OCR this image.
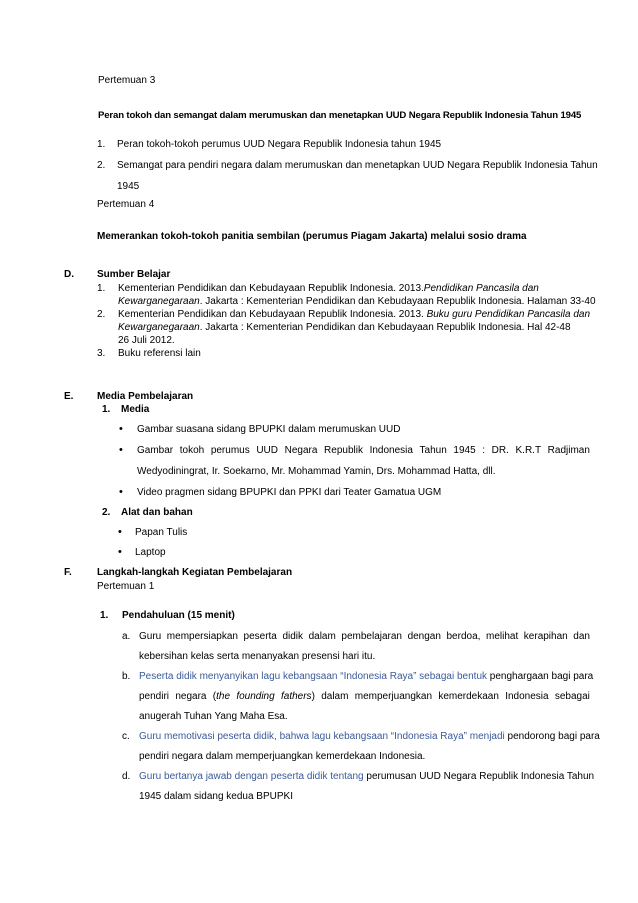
Pertemuan 3
Peran tokoh dan semangat dalam merumuskan dan menetapkan UUD Negara Republik Indonesia Tahun 1945
1. Peran tokoh-tokoh perumus UUD Negara Republik Indonesia tahun 1945
2. Semangat para pendiri negara dalam merumuskan dan menetapkan UUD Negara Republik Indonesia Tahun
1945
Pertemuan 4
Memerankan tokoh-tokoh panitia sembilan (perumus Piagam Jakarta) melalui sosio drama
D. Sumber Belajar
1. Kementerian Pendidikan dan Kebudayaan Republik Indonesia. 2013.Pendidikan Pancasila dan
Kewarganegaraan. Jakarta : Kementerian Pendidikan dan Kebudayaan Republik Indonesia. Halaman 33-40
2. Kementerian Pendidikan dan Kebudayaan Republik Indonesia. 2013. Buku guru Pendidikan Pancasila dan
Kewarganegaraan. Jakarta : Kementerian Pendidikan dan Kebudayaan Republik Indonesia. Hal 42-48
26 Juli 2012.
3. Buku referensi lain
E. Media Pembelajaran
1. Media
• Gambar suasana sidang BPUPKI dalam merumuskan UUD
• Gambar tokoh perumus UUD Negara Republik Indonesia Tahun 1945 : DR. K.R.T Radjiman
Wedyodiningrat, Ir. Soekarno, Mr. Mohammad Yamin, Drs. Mohammad Hatta, dll.
• Video pragmen sidang BPUPKI dan PPKI dari Teater Gamatua UGM
2. Alat dan bahan
• Papan Tulis
• Laptop
F.	Langkah-langkah Kegiatan Pembelajaran
Pertemuan 1
1. Pendahuluan (15 menit)
a. Guru mempersiapkan peserta didik dalam pembelajaran dengan berdoa, melihat kerapihan dan
kebersihan kelas serta menanyakan presensi hari itu.
b. Peserta didik menyanyikan lagu kebangsaan “Indonesia Raya” sebagai bentuk penghargaan bagi para
pendiri negara (the founding fathers) dalam memperjuangkan kemerdekaan Indonesia sebagai
anugerah Tuhan Yang Maha Esa.
c. Guru memotivasi peserta didik, bahwa lagu kebangsaan “Indonesia Raya” menjadi pendorong bagi para
pendiri negara dalam memperjuangkan kemerdekaan Indonesia.
d. Guru bertanya jawab dengan peserta didik tentang perumusan UUD Negara Republik Indonesia Tahun
1945 dalam sidang kedua BPUPKI
